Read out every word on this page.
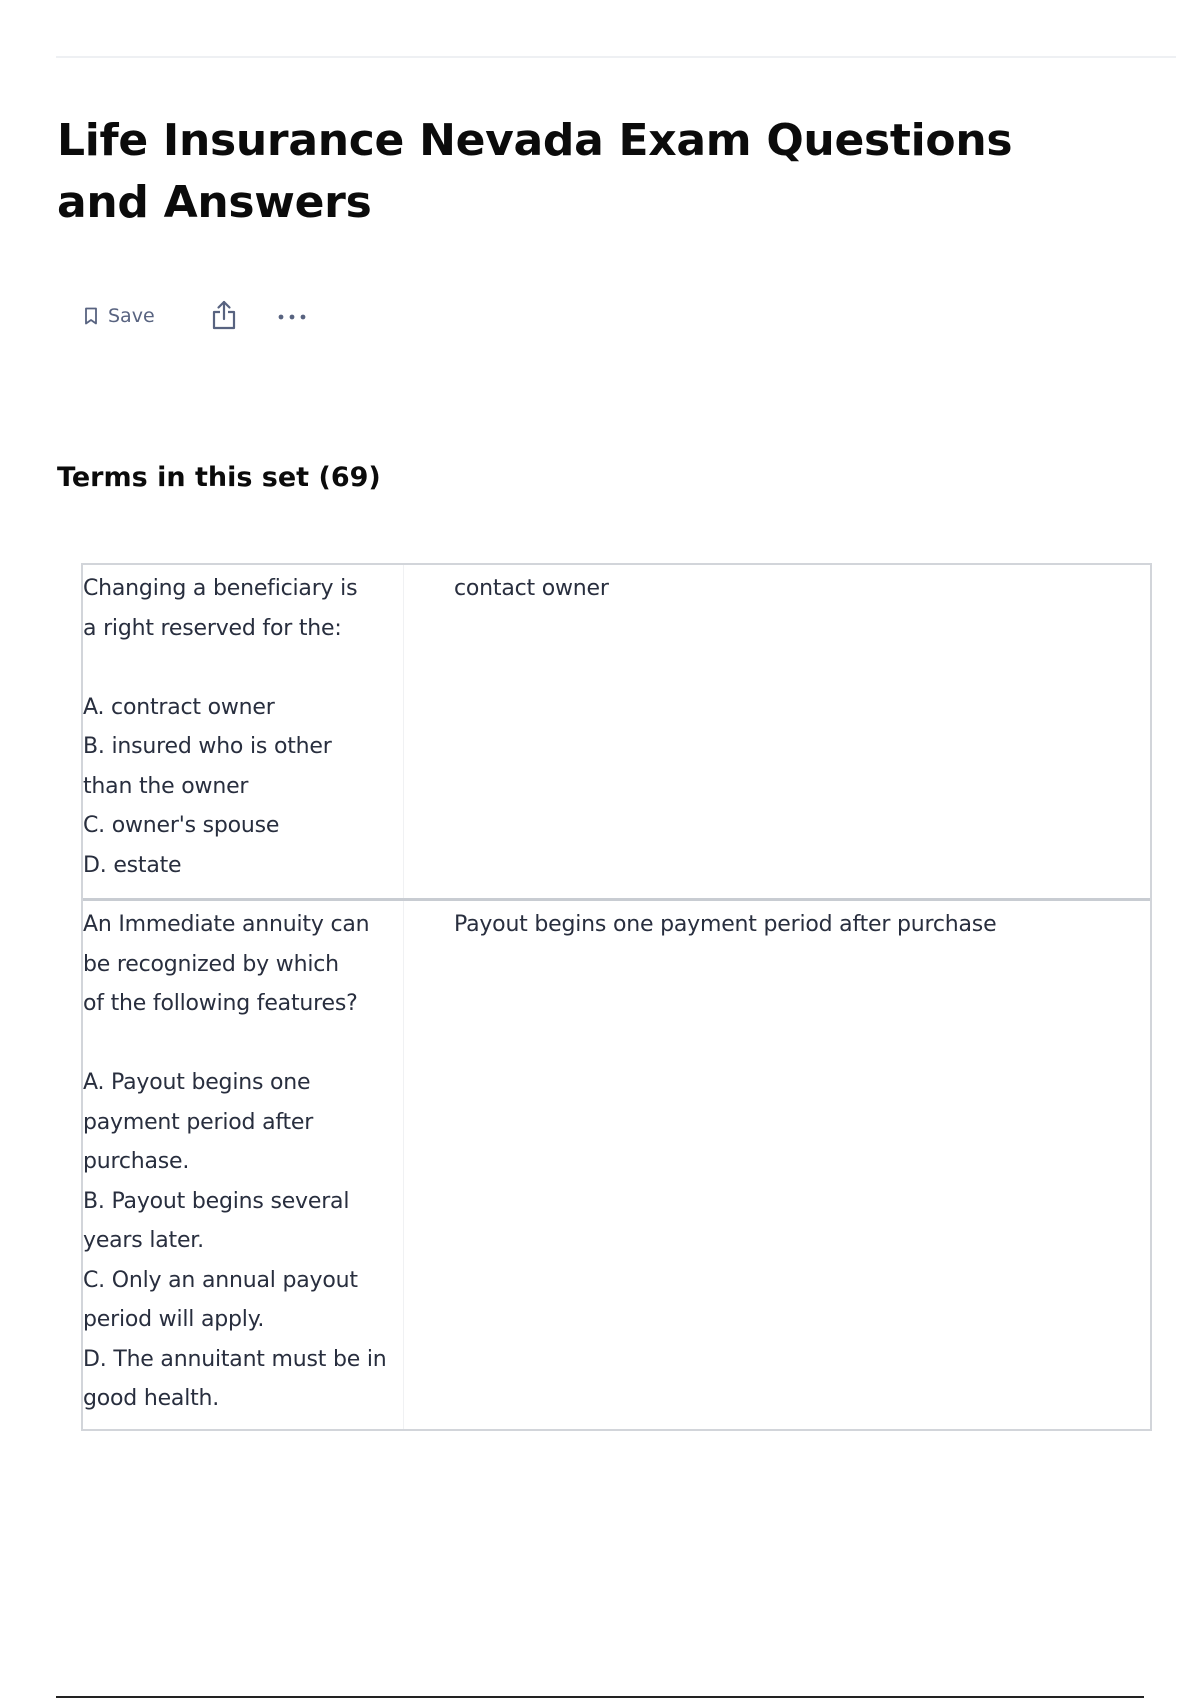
Life Insurance Nevada Exam Questions and Answers
Save
Terms in this set (69)
Changing a beneficiary is
a right reserved for the:

A. contract owner
B. insured who is other
than the owner
C. owner's spouse
D. estate
contact owner
An Immediate annuity can
be recognized by which
of the following features?

A. Payout begins one
payment period after
purchase.
B. Payout begins several
years later.
C. Only an annual payout
period will apply.
D. The annuitant must be in
good health.
Payout begins one payment period after purchase
